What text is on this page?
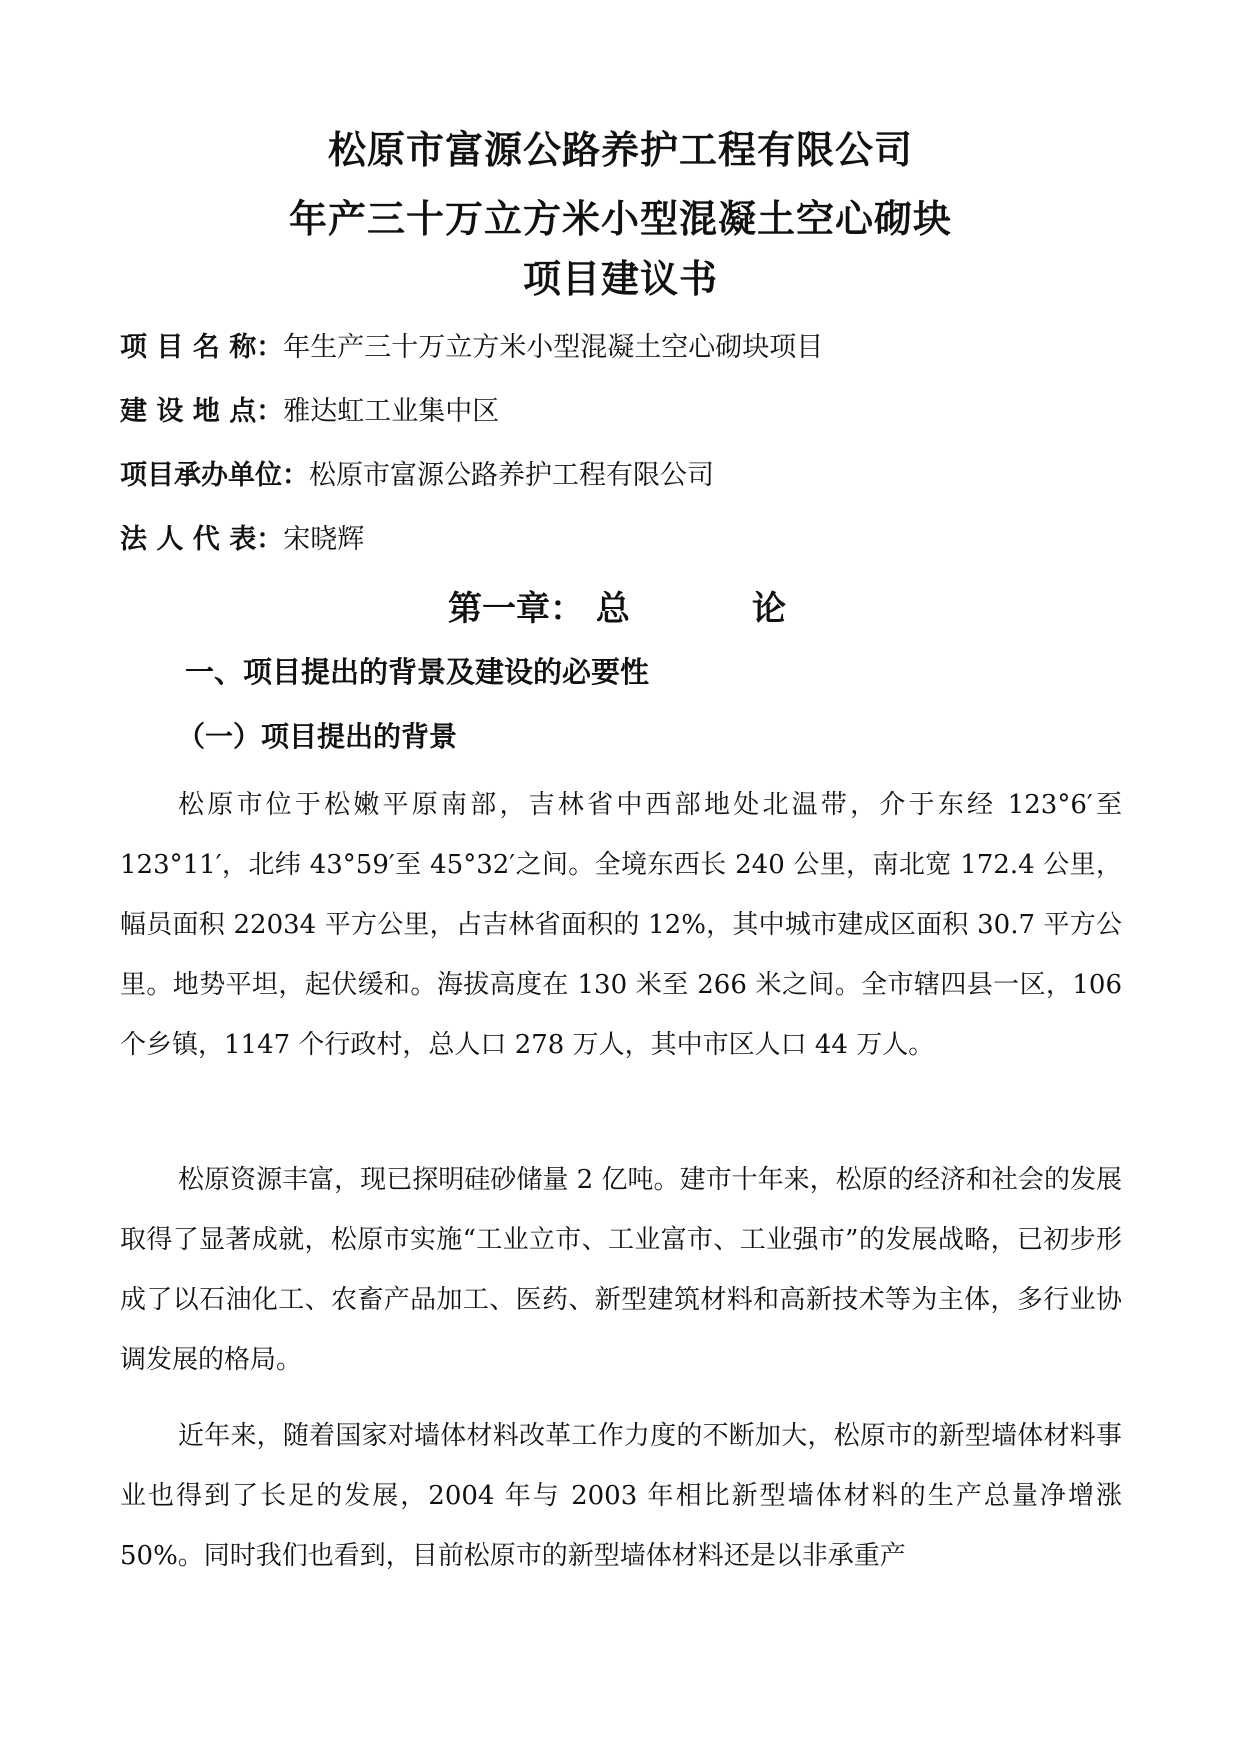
松原市富源公路养护工程有限公司
年产三十万立方米小型混凝土空心砌块
项目建议书
项 目 名 称：年生产三十万立方米小型混凝土空心砌块项目
建 设 地 点：雅达虹工业集中区
项目承办单位：松原市富源公路养护工程有限公司
法 人 代 表：宋晓辉
第一章： 总	论
一、项目提出的背景及建设的必要性
（一）项目提出的背景

松原市位于松嫩平原南部，吉林省中西部地处北温带，介于东经 123°6′至 123°11′，北纬 43°59′至 45°32′之间。全境东西长 240 公里，南北宽 172.4 公里，幅员面积 22034 平方公里，占吉林省面积的 12%，其中城市建成区面积 30.7 平方公里。地势平坦，起伏缓和。海拔高度在 130 米至 266 米之间。全市辖四县一区，106 个乡镇，1147 个行政村，总人口 278 万人，其中市区人口 44 万人。

松原资源丰富，现已探明硅砂储量 2 亿吨。建市十年来，松原的经济和社会的发展取得了显著成就，松原市实施“工业立市、工业富市、工业强市”的发展战略，已初步形成了以石油化工、农畜产品加工、医药、新型建筑材料和高新技术等为主体，多行业协调发展的格局。

近年来，随着国家对墙体材料改革工作力度的不断加大，松原市的新型墙体材料事业也得到了长足的发展，2004 年与 2003 年相比新型墙体材料的生产总量净增涨 50%。同时我们也看到，目前松原市的新型墙体材料还是以非承重产
